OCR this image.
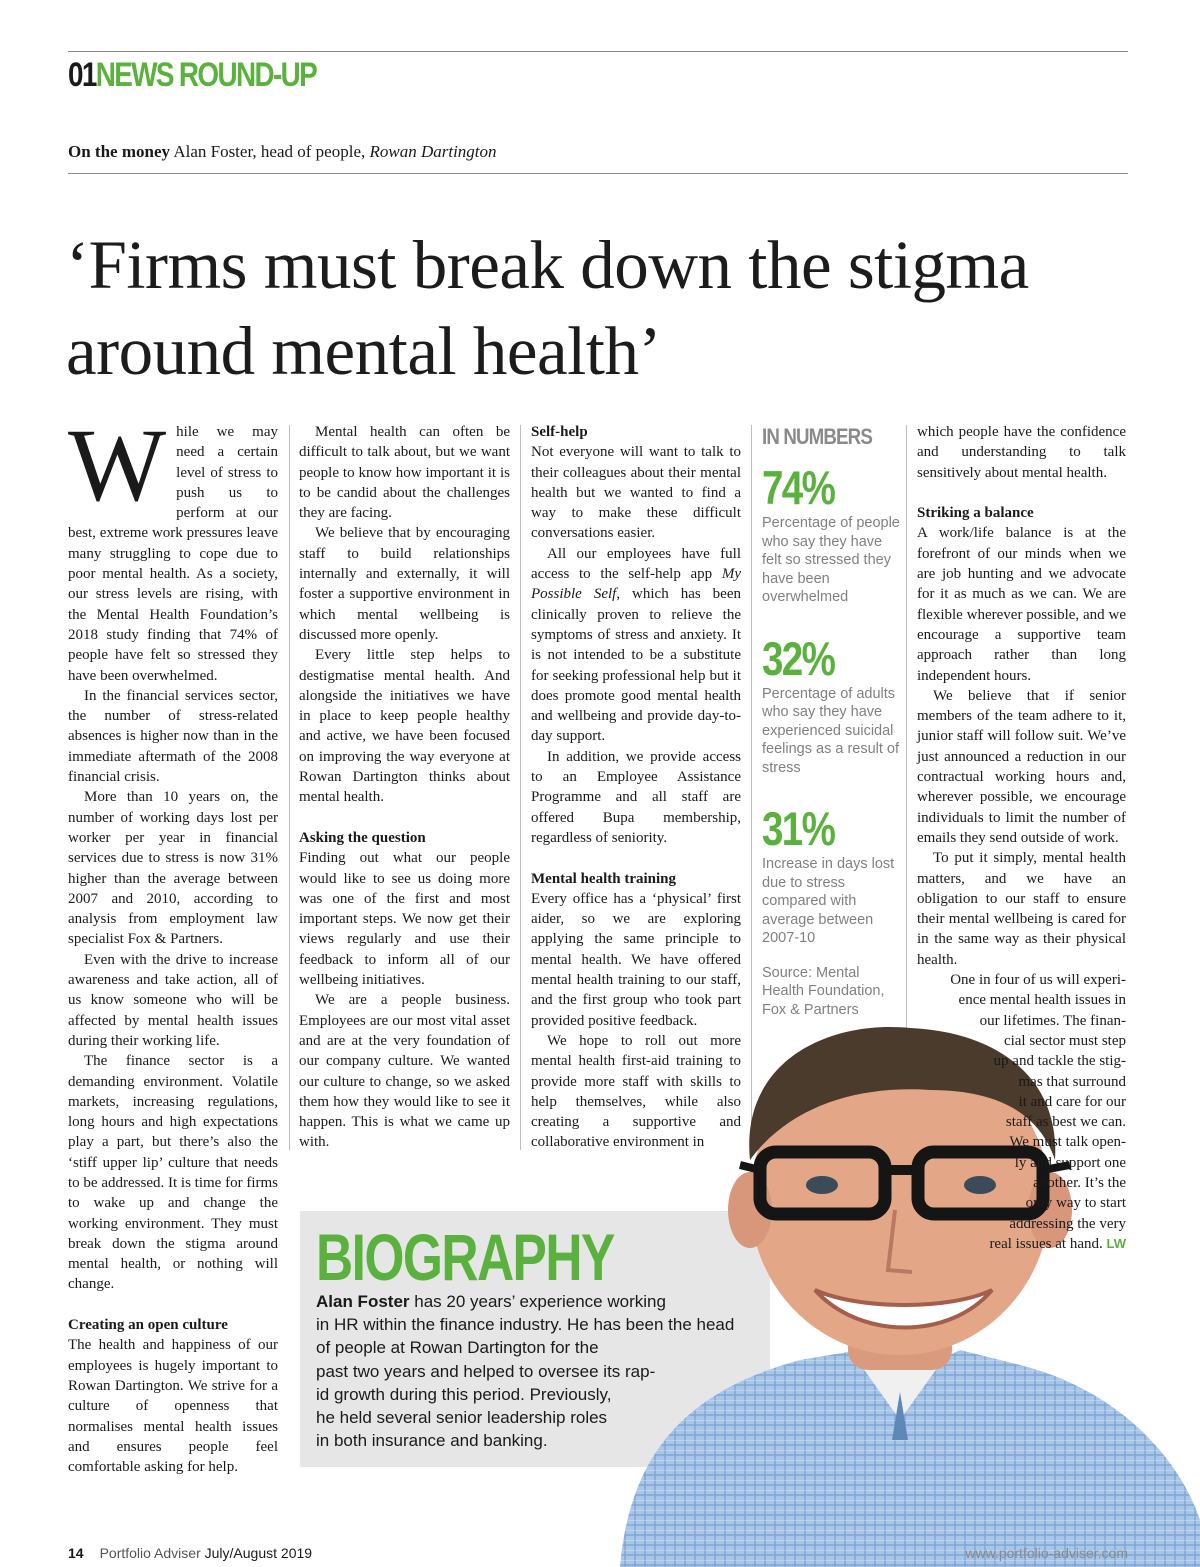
01NEWS ROUND-UP

On the money Alan Foster, head of people, Rowan Dartington

‘Firms must break down the stigma around mental health’

While we may need a certain level of stress to push us to perform at our best, extreme work pressures leave many struggling to cope due to poor mental health. As a society, our stress levels are rising, with the Mental Health Foundation’s 2018 study finding that 74% of people have felt so stressed they have been overwhelmed.

In the financial services sector, the number of stress-related absences is higher now than in the immediate aftermath of the 2008 financial crisis.

More than 10 years on, the number of working days lost per worker per year in financial services due to stress is now 31% higher than the average between 2007 and 2010, according to analysis from employment law specialist Fox & Partners.

Even with the drive to increase awareness and take action, all of us know someone who will be affected by mental health issues during their working life.

The finance sector is a demanding environment. Volatile markets, increasing regulations, long hours and high expectations play a part, but there’s also the ‘stiff upper lip’ culture that needs to be addressed. It is time for firms to wake up and change the working environment. They must break down the stigma around mental health, or nothing will change.

Creating an open culture

The health and happiness of our employees is hugely important to Rowan Dartington. We strive for a culture of openness that normalises mental health issues and ensures people feel comfortable asking for help.

Mental health can often be difficult to talk about, but we want people to know how important it is to be candid about the challenges they are facing.

We believe that by encouraging staff to build relationships internally and externally, it will foster a supportive environment in which mental wellbeing is discussed more openly.

Every little step helps to destigmatise mental health. And alongside the initiatives we have in place to keep people healthy and active, we have been focused on improving the way everyone at Rowan Dartington thinks about mental health.

Asking the question

Finding out what our people would like to see us doing more was one of the first and most important steps. We now get their views regularly and use their feedback to inform all of our wellbeing initiatives.

We are a people business. Employees are our most vital asset and are at the very foundation of our company culture. We wanted our culture to change, so we asked them how they would like to see it happen. This is what we came up with.

Self-help

Not everyone will want to talk to their colleagues about their mental health but we wanted to find a way to make these difficult conversations easier.

All our employees have full access to the self-help app My Possible Self, which has been clinically proven to relieve the symptoms of stress and anxiety. It is not intended to be a substitute for seeking professional help but it does promote good mental health and wellbeing and provide day-to-day support.

In addition, we provide access to an Employee Assistance Programme and all staff are offered Bupa membership, regardless of seniority.

Mental health training

Every office has a ‘physical’ first aider, so we are exploring applying the same principle to mental health. We have offered mental health training to our staff, and the first group who took part provided positive feedback.

We hope to roll out more mental health first-aid training to provide more staff with skills to help themselves, while also creating a supportive and collaborative environment in

IN NUMBERS
74%
Percentage of people who say they have felt so stressed they have been overwhelmed
32%
Percentage of adults who say they have experienced suicidal feelings as a result of stress
31%
Increase in days lost due to stress compared with average between 2007-10
Source: Mental Health Foundation, Fox & Partners
BIOGRAPHY
Alan Foster has 20 years’ experience working
in HR within the finance industry. He has been the head
of people at Rowan Dartington for the
past two years and helped to oversee its rap-
id growth during this period. Previously,
he held several senior leadership roles
in both insurance and banking.

which people have the confidence and understanding to talk sensitively about mental health.

Striking a balance

A work/life balance is at the forefront of our minds when we are job hunting and we advocate for it as much as we can. We are flexible wherever possible, and we encourage a supportive team approach rather than long independent hours.

We believe that if senior members of the team adhere to it, junior staff will follow suit. We’ve just announced a reduction in our contractual working hours and, wherever possible, we encourage individuals to limit the number of emails they send outside of work.

To put it simply, mental health matters, and we have an obligation to our staff to ensure their mental wellbeing is cared for in the same way as their physical health.

One in four of us will experi-
ence mental health issues in
our lifetimes. The finan-
cial sector must step
up and tackle the stig-
mas that surround
it and care for our
staff as best we can.
We must talk open-
ly and support one
another. It’s the
only way to start
addressing the very
real issues at hand. LW
14 Portfolio Adviser July/August 2019	www.portfolio-adviser.com
